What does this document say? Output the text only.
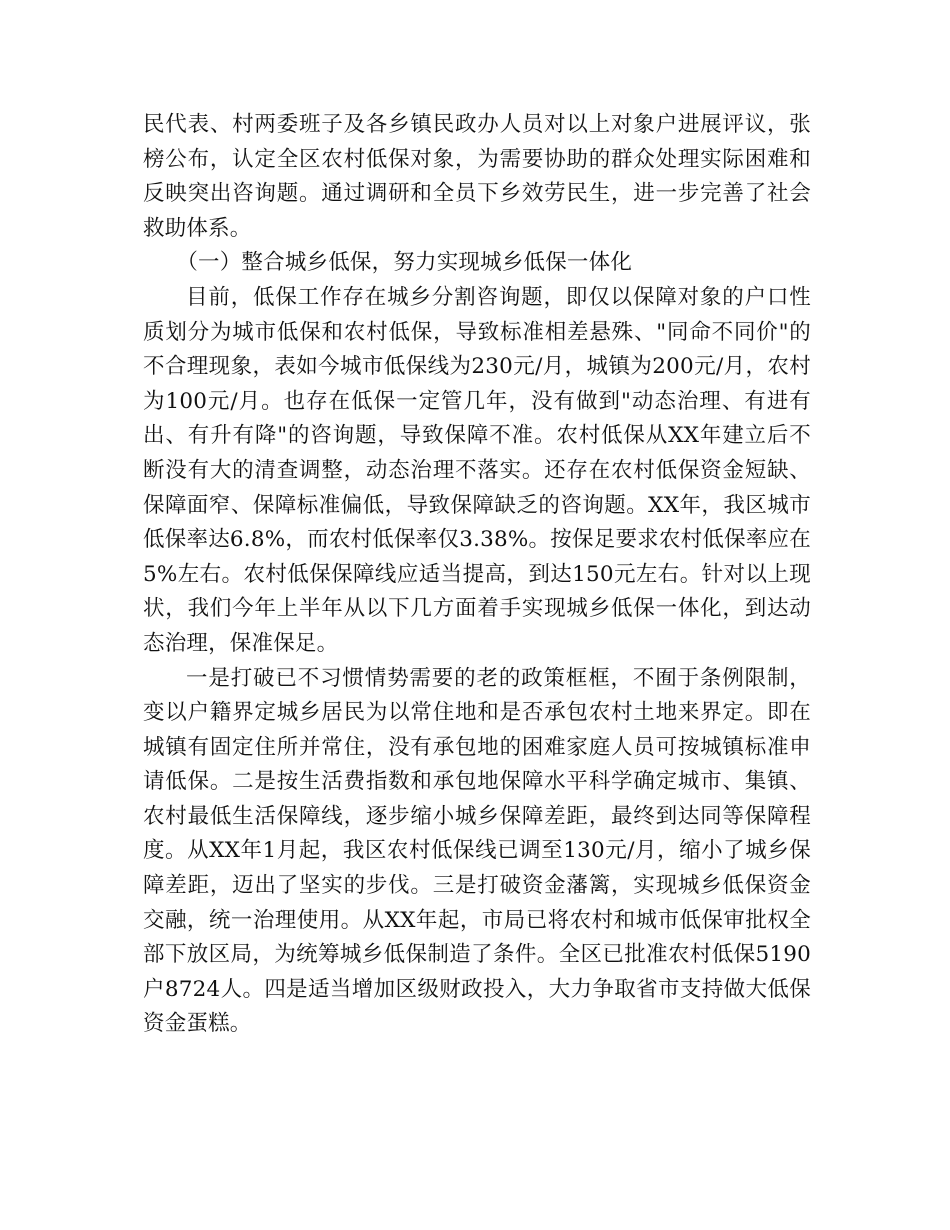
民代表、村两委班子及各乡镇民政办人员对以上对象户进展评议，张榜公布，认定全区农村低保对象，为需要协助的群众处理实际困难和反映突出咨询题。通过调研和全员下乡效劳民生，进一步完善了社会救助体系。

（一）整合城乡低保，努力实现城乡低保一体化

目前，低保工作存在城乡分割咨询题，即仅以保障对象的户口性质划分为城市低保和农村低保，导致标准相差悬殊、"同命不同价"的不合理现象，表如今城市低保线为230元/月，城镇为200元/月，农村为100元/月。也存在低保一定管几年，没有做到"动态治理、有进有出、有升有降"的咨询题，导致保障不准。农村低保从XX年建立后不断没有大的清查调整，动态治理不落实。还存在农村低保资金短缺、保障面窄、保障标准偏低，导致保障缺乏的咨询题。XX年，我区城市低保率达6.8%，而农村低保率仅3.38%。按保足要求农村低保率应在5%左右。农村低保保障线应适当提高，到达150元左右。针对以上现状，我们今年上半年从以下几方面着手实现城乡低保一体化，到达动态治理，保准保足。

一是打破已不习惯情势需要的老的政策框框，不囿于条例限制，变以户籍界定城乡居民为以常住地和是否承包农村土地来界定。即在城镇有固定住所并常住，没有承包地的困难家庭人员可按城镇标准申请低保。二是按生活费指数和承包地保障水平科学确定城市、集镇、农村最低生活保障线，逐步缩小城乡保障差距，最终到达同等保障程度。从XX年1月起，我区农村低保线已调至130元/月，缩小了城乡保障差距，迈出了坚实的步伐。三是打破资金藩篱，实现城乡低保资金交融，统一治理使用。从XX年起，市局已将农村和城市低保审批权全部下放区局，为统筹城乡低保制造了条件。全区已批准农村低保5190户8724人。四是适当增加区级财政投入，大力争取省市支持做大低保资金蛋糕。
